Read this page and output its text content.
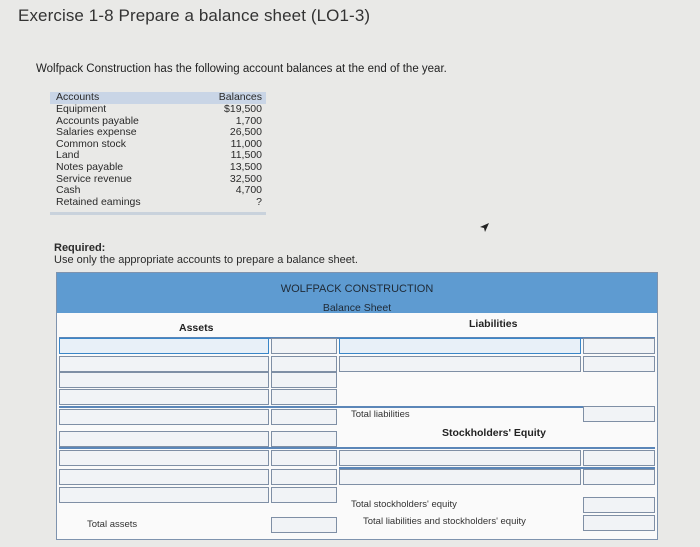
Exercise 1-8 Prepare a balance sheet (LO1-3)
Wolfpack Construction has the following account balances at the end of the year.
Accounts	Balances
Equipment	$19,500
Accounts payable	1,700
Salaries expense	26,500
Common stock	11,000
Land	11,500
Notes payable	13,500
Service revenue	32,500
Cash	4,700
Retained eamings	?
Required:
Use only the appropriate accounts to prepare a balance sheet.
WOLFPACK CONSTRUCTION
Balance Sheet
Assets	Liabilities
Total liabilities
Stockholders' Equity
Total stockholders' equity
Total assets	Total liabilities and stockholders' equity
